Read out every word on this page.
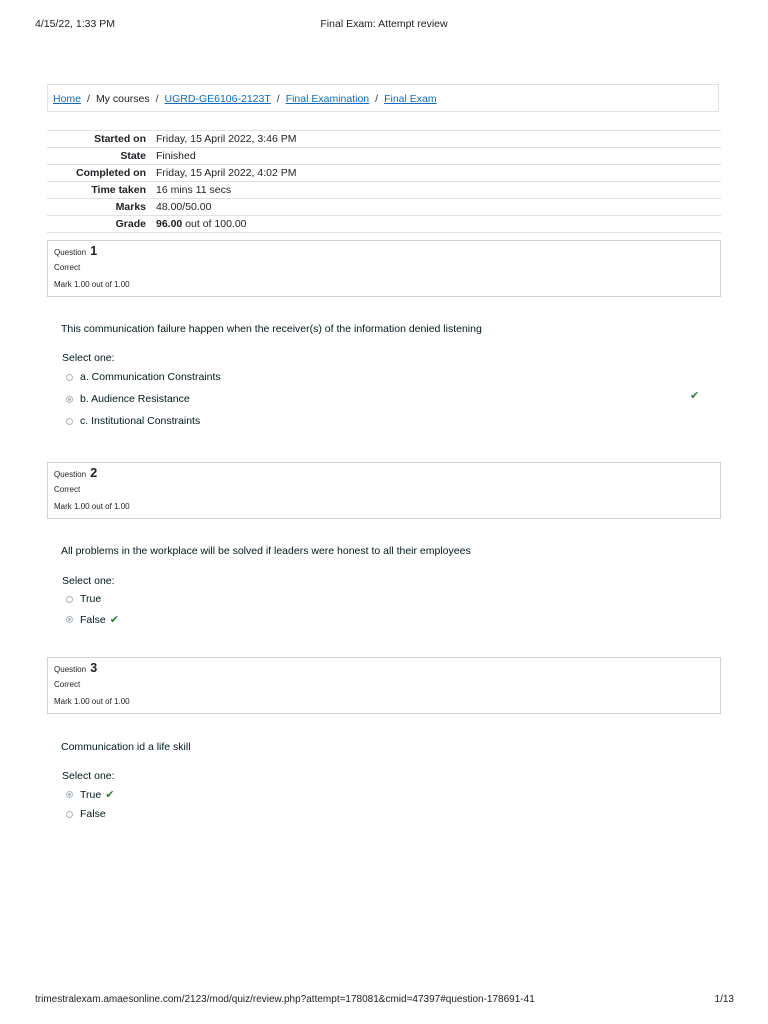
4/15/22, 1:33 PM	Final Exam: Attempt review
Home / My courses / UGRD-GE6106-2123T / Final Examination / Final Exam
Started on	Friday, 15 April 2022, 3:46 PM
State	Finished
Completed on	Friday, 15 April 2022, 4:02 PM
Time taken	16 mins 11 secs
Marks	48.00/50.00
Grade	96.00 out of 100.00
Question 1
Correct
Mark 1.00 out of 1.00
This communication failure happen when the receiver(s) of the information denied listening
Select one:
a. Communication Constraints
b. Audience Resistance
c. Institutional Constraints
✔
Question 2
Correct
Mark 1.00 out of 1.00
All problems in the workplace will be solved if leaders were honest to all their employees
Select one:
True
False ✔
Question 3
Correct
Mark 1.00 out of 1.00
Communication id a life skill
Select one:
True ✔
False
trimestralexam.amaesonline.com/2123/mod/quiz/review.php?attempt=178081&cmid=47397#question-178691-41	1/13
